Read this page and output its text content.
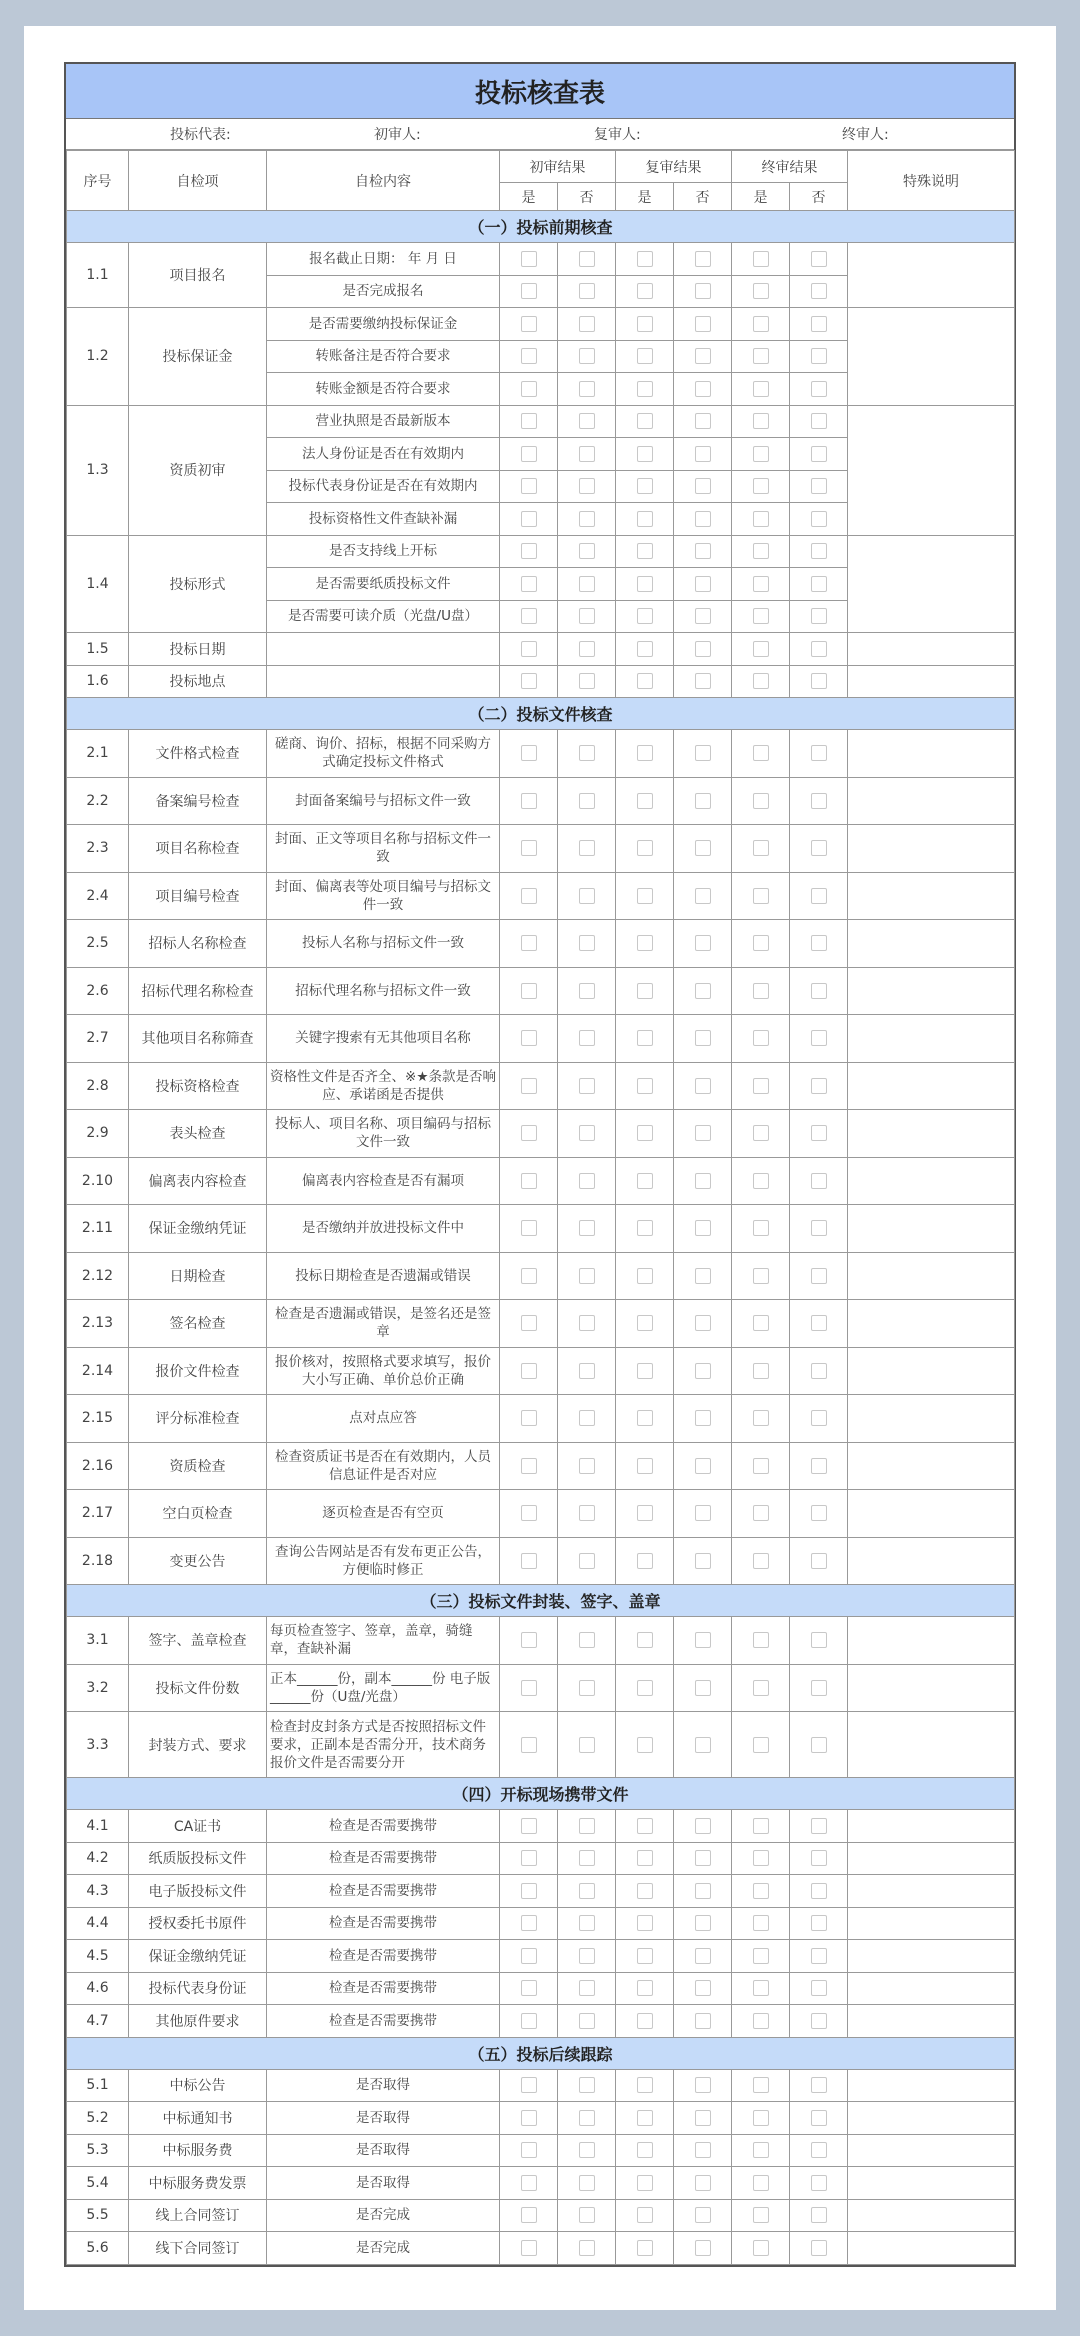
投标核查表
投标代表:	初审人:	复审人:	终审人:
序号	自检项	自检内容	初审结果		复审结果		终审结果		特殊说明
			是	否	是	否	是	否	
（一）投标前期核查									
1.1	项目报名	报名截止日期： 年 月 日							
		是否完成报名							
1.2	投标保证金	是否需要缴纳投标保证金							
		转账备注是否符合要求							
		转账金额是否符合要求							
1.3	资质初审	营业执照是否最新版本							
		法人身份证是否在有效期内							
		投标代表身份证是否在有效期内							
		投标资格性文件查缺补漏							
1.4	投标形式	是否支持线上开标							
		是否需要纸质投标文件							
		是否需要可读介质（光盘/U盘）							
1.5	投标日期								
1.6	投标地点								
（二）投标文件核查									
2.1	文件格式检查	磋商、询价、招标，根据不同采购方式确定投标文件格式							
2.2	备案编号检查	封面备案编号与招标文件一致							
2.3	项目名称检查	封面、正文等项目名称与招标文件一致							
2.4	项目编号检查	封面、偏离表等处项目编号与招标文件一致							
2.5	招标人名称检查	投标人名称与招标文件一致							
2.6	招标代理名称检查	招标代理名称与招标文件一致							
2.7	其他项目名称筛查	关键字搜索有无其他项目名称							
2.8	投标资格检查	资格性文件是否齐全、※★条款是否响应、承诺函是否提供							
2.9	表头检查	投标人、项目名称、项目编码与招标文件一致							
2.10	偏离表内容检查	偏离表内容检查是否有漏项							
2.11	保证金缴纳凭证	是否缴纳并放进投标文件中							
2.12	日期检查	投标日期检查是否遗漏或错误							
2.13	签名检查	检查是否遗漏或错误，是签名还是签章							
2.14	报价文件检查	报价核对，按照格式要求填写，报价大小写正确、单价总价正确							
2.15	评分标准检查	点对点应答							
2.16	资质检查	检查资质证书是否在有效期内，人员信息证件是否对应							
2.17	空白页检查	逐页检查是否有空页							
2.18	变更公告	查询公告网站是否有发布更正公告，方便临时修正							
（三）投标文件封装、签字、盖章									
3.1	签字、盖章检查	每页检查签字、签章，盖章，骑缝章，查缺补漏							
3.2	投标文件份数	正本______份，副本______份 电子版______份（U盘/光盘）							
3.3	封装方式、要求	检查封皮封条方式是否按照招标文件要求，正副本是否需分开，技术商务报价文件是否需要分开							
（四）开标现场携带文件									
4.1	CA证书	检查是否需要携带							
4.2	纸质版投标文件	检查是否需要携带							
4.3	电子版投标文件	检查是否需要携带							
4.4	授权委托书原件	检查是否需要携带							
4.5	保证金缴纳凭证	检查是否需要携带							
4.6	投标代表身份证	检查是否需要携带							
4.7	其他原件要求	检查是否需要携带							
（五）投标后续跟踪									
5.1	中标公告	是否取得							
5.2	中标通知书	是否取得							
5.3	中标服务费	是否取得							
5.4	中标服务费发票	是否取得							
5.5	线上合同签订	是否完成							
5.6	线下合同签订	是否完成							
